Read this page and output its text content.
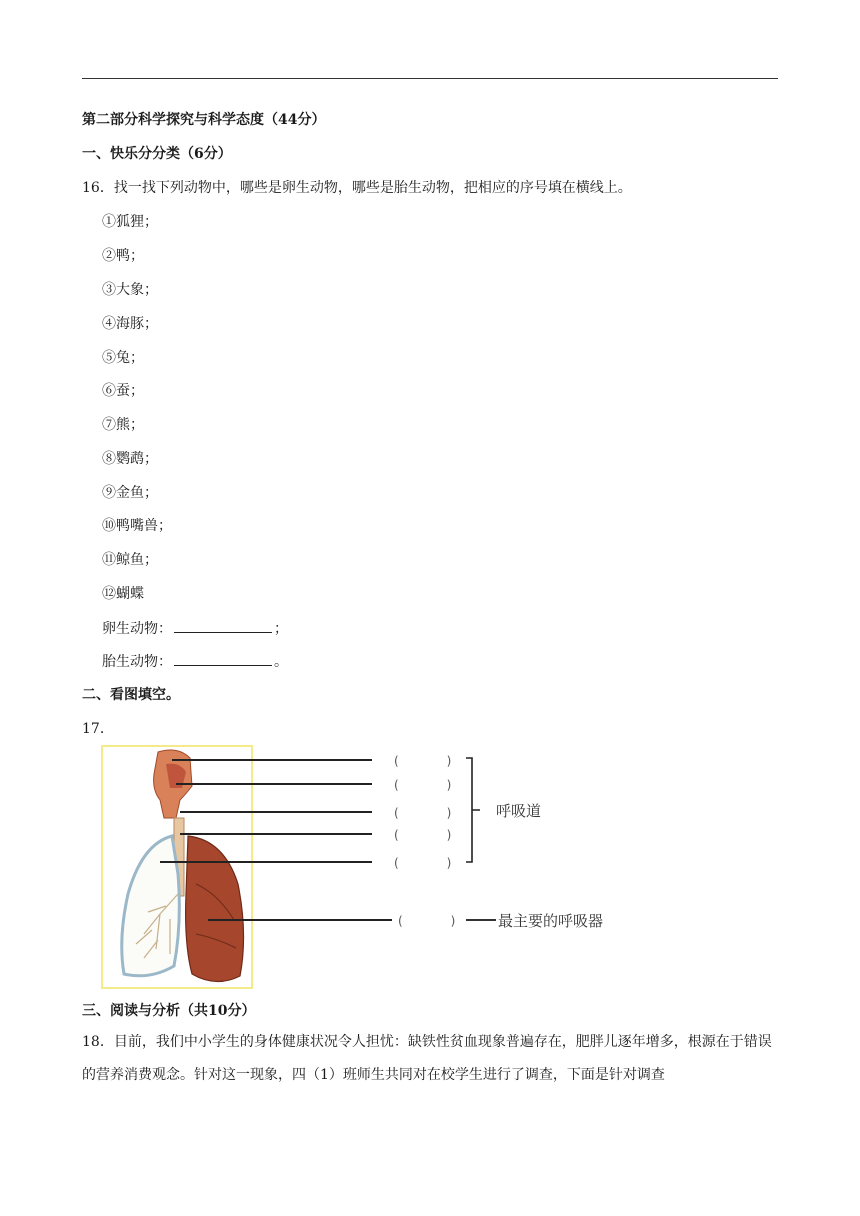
第二部分科学探究与科学态度（44分）
一、快乐分分类（6分）
16．找一找下列动物中，哪些是卵生动物，哪些是胎生动物，把相应的序号填在横线上。
①狐狸；
②鸭；
③大象；
④海豚；
⑤兔；
⑥蚕；
⑦熊；
⑧鹦鹉；
⑨金鱼；
⑩鸭嘴兽；
⑪鲸鱼；
⑫蝴蝶
卵生动物：	；
胎生动物：	。
二、看图填空。
17．
(　　　　)
(　　　　)
(　　　　)
(　　　　)
(　　　　)
(　　　　)
呼吸道
最主要的呼吸器
三、阅读与分析（共10分）
18．目前，我们中小学生的身体健康状况令人担忧：缺铁性贫血现象普遍存在，肥胖儿逐年增多，根源在于错误的营养消费观念。针对这一现象，四（1）班师生共同对在校学生进行了调查，下面是针对调查
